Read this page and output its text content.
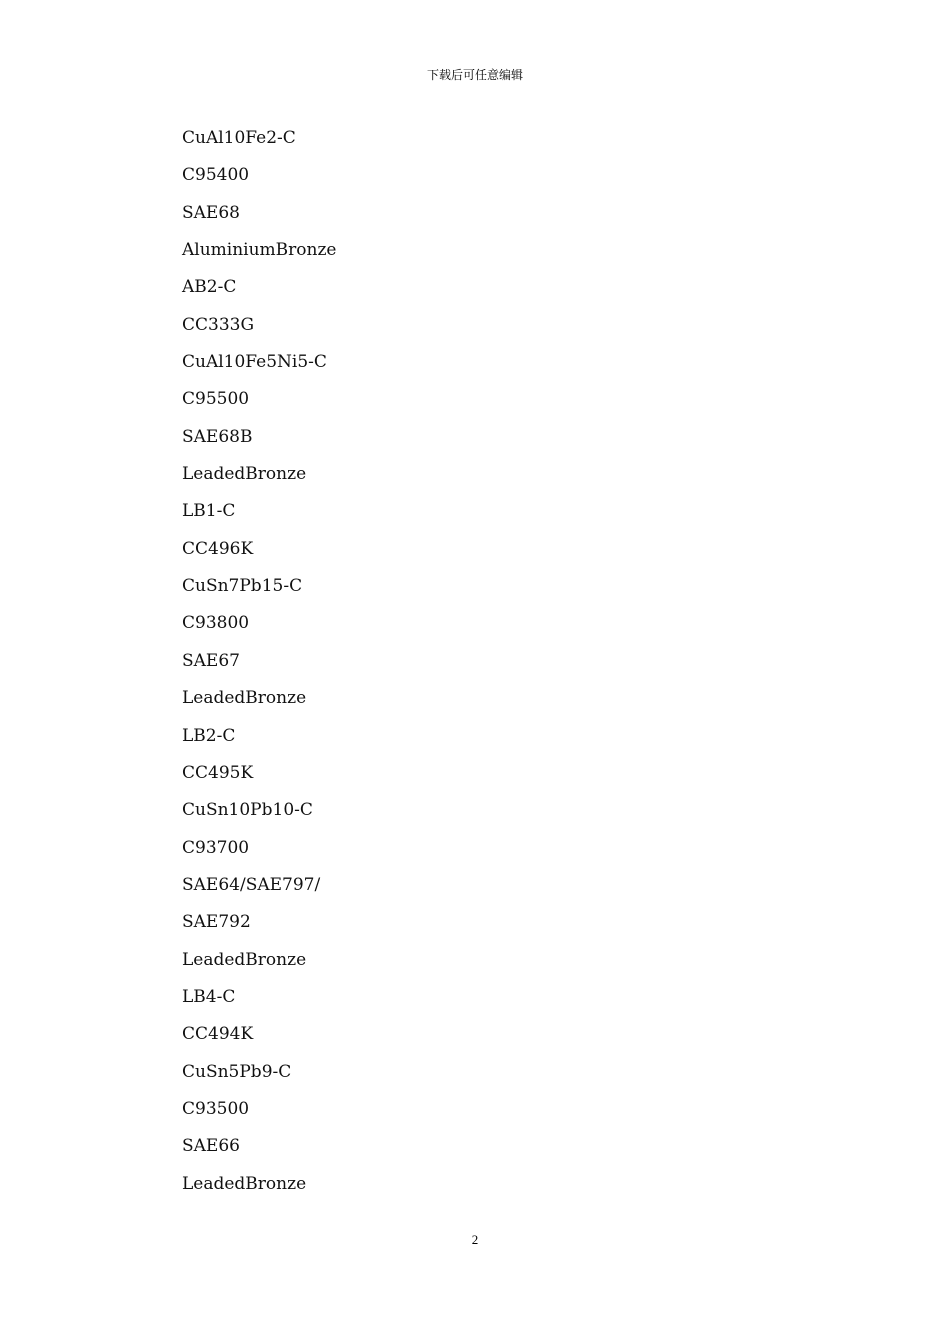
下载后可任意编辑
CuAl10Fe2-C
C95400
SAE68
AluminiumBronze
AB2-C
CC333G
CuAl10Fe5Ni5-C
C95500
SAE68B
LeadedBronze
LB1-C
CC496K
CuSn7Pb15-C
C93800
SAE67
LeadedBronze
LB2-C
CC495K
CuSn10Pb10-C
C93700
SAE64/SAE797/
SAE792
LeadedBronze
LB4-C
CC494K
CuSn5Pb9-C
C93500
SAE66
LeadedBronze
2
